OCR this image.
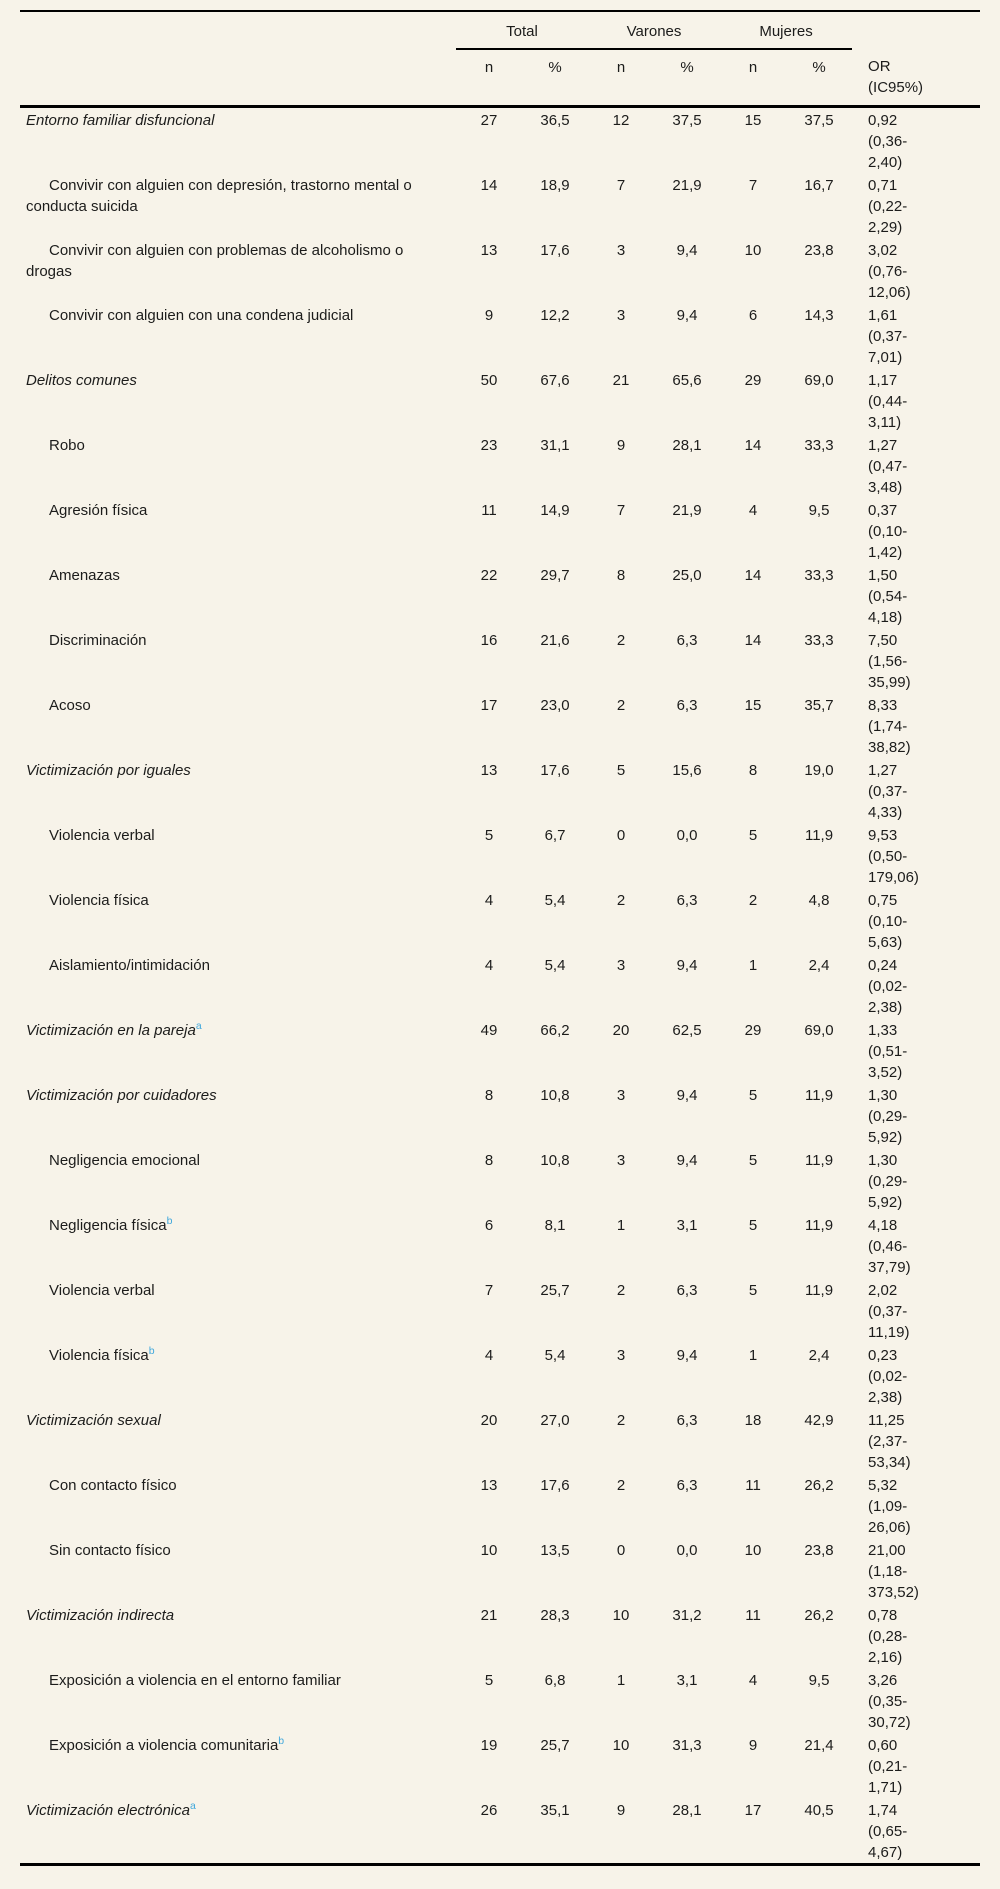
	Total		Varones		Mujeres		
	n	%	n	%	n	%	OR (IC95%)
Entorno familiar disfuncional	27	36,5	12	37,5	15	37,5	0,92 (0,36-2,40)
Convivir con alguien con depresión, trastorno mental o conducta suicida	14	18,9	7	21,9	7	16,7	0,71 (0,22-2,29)
Convivir con alguien con problemas de alcoholismo o drogas	13	17,6	3	9,4	10	23,8	3,02 (0,76-12,06)
Convivir con alguien con una condena judicial	9	12,2	3	9,4	6	14,3	1,61 (0,37-7,01)
Delitos comunes	50	67,6	21	65,6	29	69,0	1,17 (0,44-3,11)
Robo	23	31,1	9	28,1	14	33,3	1,27 (0,47-3,48)
Agresión física	11	14,9	7	21,9	4	9,5	0,37 (0,10-1,42)
Amenazas	22	29,7	8	25,0	14	33,3	1,50 (0,54-4,18)
Discriminación	16	21,6	2	6,3	14	33,3	7,50 (1,56-35,99)
Acoso	17	23,0	2	6,3	15	35,7	8,33 (1,74-38,82)
Victimización por iguales	13	17,6	5	15,6	8	19,0	1,27 (0,37-4,33)
Violencia verbal	5	6,7	0	0,0	5	11,9	9,53 (0,50-179,06)
Violencia física	4	5,4	2	6,3	2	4,8	0,75 (0,10-5,63)
Aislamiento/intimidación	4	5,4	3	9,4	1	2,4	0,24 (0,02-2,38)
Victimización en la pareja$^a$	49	66,2	20	62,5	29	69,0	1,33 (0,51-3,52)
Victimización por cuidadores	8	10,8	3	9,4	5	11,9	1,30 (0,29-5,92)
Negligencia emocional	8	10,8	3	9,4	5	11,9	1,30 (0,29-5,92)
Negligencia física$^b$	6	8,1	1	3,1	5	11,9	4,18 (0,46-37,79)
Violencia verbal	7	25,7	2	6,3	5	11,9	2,02 (0,37-11,19)
Violencia física$^b$	4	5,4	3	9,4	1	2,4	0,23 (0,02-2,38)
Victimización sexual	20	27,0	2	6,3	18	42,9	11,25 (2,37-53,34)
Con contacto físico	13	17,6	2	6,3	11	26,2	5,32 (1,09-26,06)
Sin contacto físico	10	13,5	0	0,0	10	23,8	21,00 (1,18-373,52)
Victimización indirecta	21	28,3	10	31,2	11	26,2	0,78 (0,28-2,16)
Exposición a violencia en el entorno familiar	5	6,8	1	3,1	4	9,5	3,26 (0,35-30,72)
Exposición a violencia comunitaria$^b$	19	25,7	10	31,3	9	21,4	0,60 (0,21-1,71)
Victimización electrónica$^a$	26	35,1	9	28,1	17	40,5	1,74 (0,65-4,67)
